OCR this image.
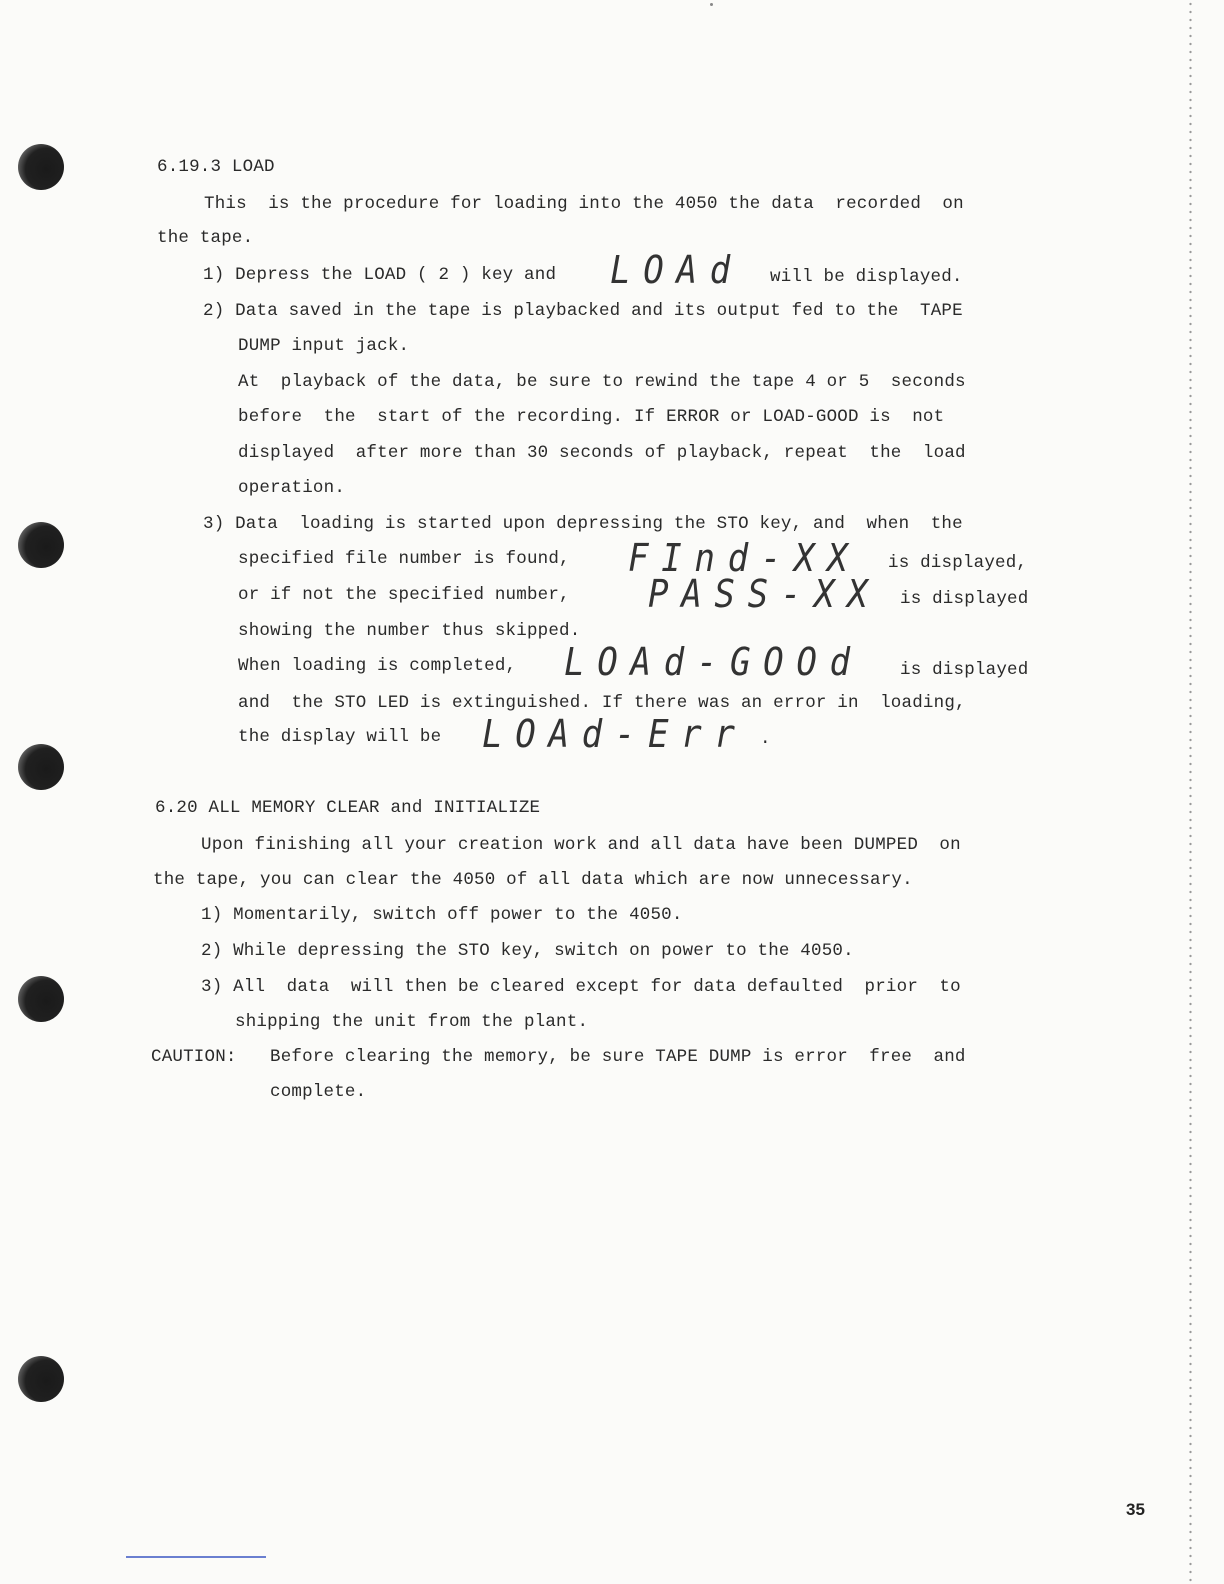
6.19.3 LOAD
This  is the procedure for loading into the 4050 the data  recorded  on
the tape.
1) Depress the LOAD ( 2 ) key and LOAd will be displayed.
2) Data saved in the tape is playbacked and its output fed to the  TAPE
DUMP input jack.
At  playback of the data, be sure to rewind the tape 4 or 5  seconds
before  the  start of the recording. If ERROR or LOAD-GOOD is  not
displayed  after more than 30 seconds of playback, repeat  the  load
operation.
3) Data  loading is started upon depressing the STO key, and  when  the
specified file number is found, FInd-XX is displayed,
or if not the specified number, PASS-XX is displayed
showing the number thus skipped.
When loading is completed, LOAd-GOOd is displayed
and  the STO LED is extinguished. If there was an error in  loading,
the display will be LOAd-Err .
6.20 ALL MEMORY CLEAR and INITIALIZE
Upon finishing all your creation work and all data have been DUMPED  on
the tape, you can clear the 4050 of all data which are now unnecessary.
1) Momentarily, switch off power to the 4050.
2) While depressing the STO key, switch on power to the 4050.
3) All  data  will then be cleared except for data defaulted  prior  to
shipping the unit from the plant.
CAUTION: Before clearing the memory, be sure TAPE DUMP is error  free  and
complete.
35
